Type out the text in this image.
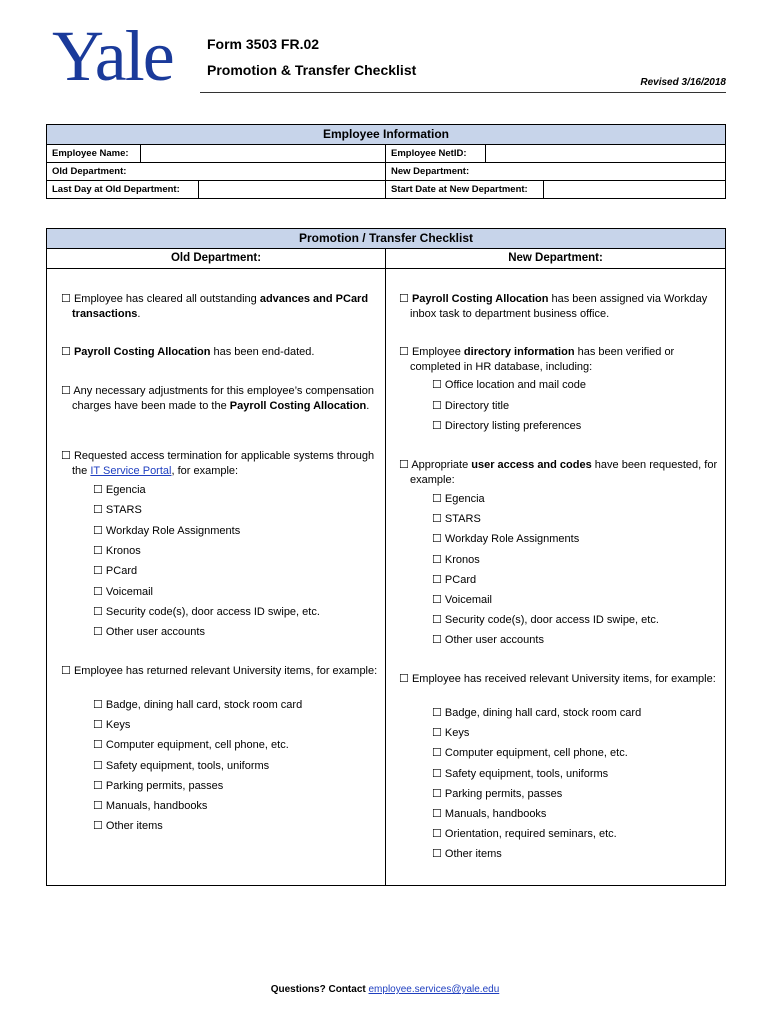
Yale Form 3503 FR.02
Promotion & Transfer Checklist
Revised 3/16/2018
Employee Information
Employee Name:	Employee NetID:
Old Department:	New Department:
Last Day at Old Department:	Start Date at New Department:
Promotion / Transfer Checklist
Old Department:	New Department:
☐ Employee has cleared all outstanding advances and PCard transactions.
☐ Payroll Costing Allocation has been end-dated.
☐ Any necessary adjustments for this employee’s compensation charges have been made to the Payroll Costing Allocation.
☐ Requested access termination for applicable systems through the IT Service Portal, for example:
☐ Egencia
☐ STARS
☐ Workday Role Assignments
☐ Kronos
☐ PCard
☐ Voicemail
☐ Security code(s), door access ID swipe, etc.
☐ Other user accounts
☐ Employee has returned relevant University items, for example:
☐ Badge, dining hall card, stock room card
☐ Keys
☐ Computer equipment, cell phone, etc.
☐ Safety equipment, tools, uniforms
☐ Parking permits, passes
☐ Manuals, handbooks
☐ Other items
☐ Payroll Costing Allocation has been assigned via Workday inbox task to department business office.
☐ Employee directory information has been verified or completed in HR database, including:
☐ Office location and mail code
☐ Directory title
☐ Directory listing preferences
☐ Appropriate user access and codes have been requested, for example:
☐ Egencia
☐ STARS
☐ Workday Role Assignments
☐ Kronos
☐ PCard
☐ Voicemail
☐ Security code(s), door access ID swipe, etc.
☐ Other user accounts
☐ Employee has received relevant University items, for example:
☐ Badge, dining hall card, stock room card
☐ Keys
☐ Computer equipment, cell phone, etc.
☐ Safety equipment, tools, uniforms
☐ Parking permits, passes
☐ Manuals, handbooks
☐ Orientation, required seminars, etc.
☐ Other items
Questions? Contact employee.services@yale.edu
